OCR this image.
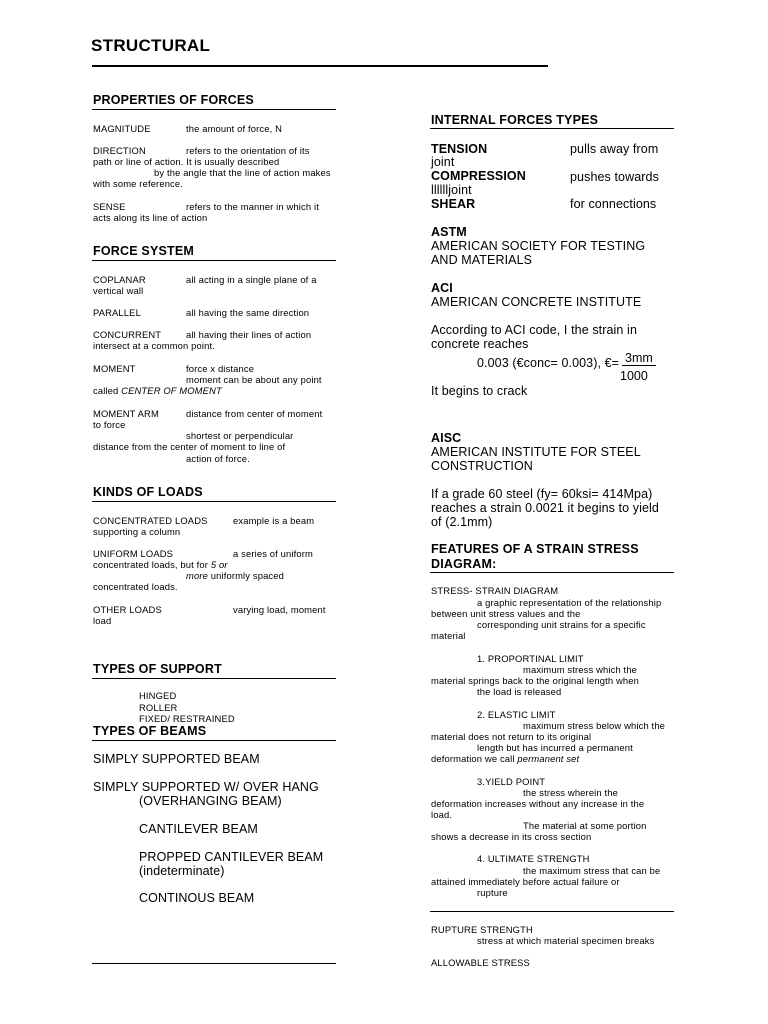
STRUCTURAL
PROPERTIES OF FORCES
MAGNITUDE	the amount of force, N
DIRECTION	refers to the orientation of its
path or line of action. It is usually described
by the angle that the line of action makes
with some reference.
SENSE	refers to the manner in which it
acts along its line of action
FORCE SYSTEM
COPLANAR	all acting in a single plane of a
vertical wall
PARALLEL	all having the same direction
CONCURRENT	all having their lines of action
intersect at a common point.
MOMENT	force x distance
moment can be about any point
called CENTER OF MOMENT
MOMENT ARM	distance from center of moment
to force
shortest or perpendicular
distance from the center of moment to line of
action of force.
KINDS OF LOADS
CONCENTRATED LOADS	example is a beam
supporting a column
UNIFORM LOADS	a series of uniform
concentrated loads, but for 5 or
more uniformly spaced
concentrated loads.
OTHER LOADS	varying load, moment
load
TYPES OF SUPPORT
HINGED
ROLLER
FIXED/ RESTRAINED
TYPES OF BEAMS
SIMPLY SUPPORTED BEAM
SIMPLY SUPPORTED W/ OVER HANG
(OVERHANGING BEAM)
CANTILEVER BEAM
PROPPED CANTILEVER BEAM
(indeterminate)
CONTINOUS BEAM
INTERNAL FORCES TYPES
TENSION	pulls away from
joint
COMPRESSION	pushes towards
lllllljoint
SHEAR	for connections
ASTM
AMERICAN SOCIETY FOR TESTING
AND MATERIALS
ACI
AMERICAN CONCRETE INSTITUTE
According to ACI code, I the strain in
concrete reaches
0.003 (€conc= 0.003), €= 3mm
1000
It begins to crack
AISC
AMERICAN INSTITUTE FOR STEEL
CONSTRUCTION
If a grade 60 steel (fy= 60ksi= 414Mpa)
reaches a strain 0.0021 it begins to yield
of (2.1mm)
FEATURES OF A STRAIN STRESS
DIAGRAM:
STRESS- STRAIN DIAGRAM
a graphic representation of the relationship
between unit stress values and the
corresponding unit strains for a specific
material
1. PROPORTINAL LIMIT
maximum stress which the
material springs back to the original length when
the load is released
2. ELASTIC LIMIT
maximum stress below which the
material does not return to its original
length but has incurred a permanent
deformation we call permanent set
3.YIELD POINT
the stress wherein the
deformation increases without any increase in the
load.
The material at some portion
shows a decrease in its cross section
4. ULTIMATE STRENGTH
the maximum stress that can be
attained immediately before actual failure or
rupture
RUPTURE STRENGTH
stress at which material specimen breaks
ALLOWABLE STRESS
